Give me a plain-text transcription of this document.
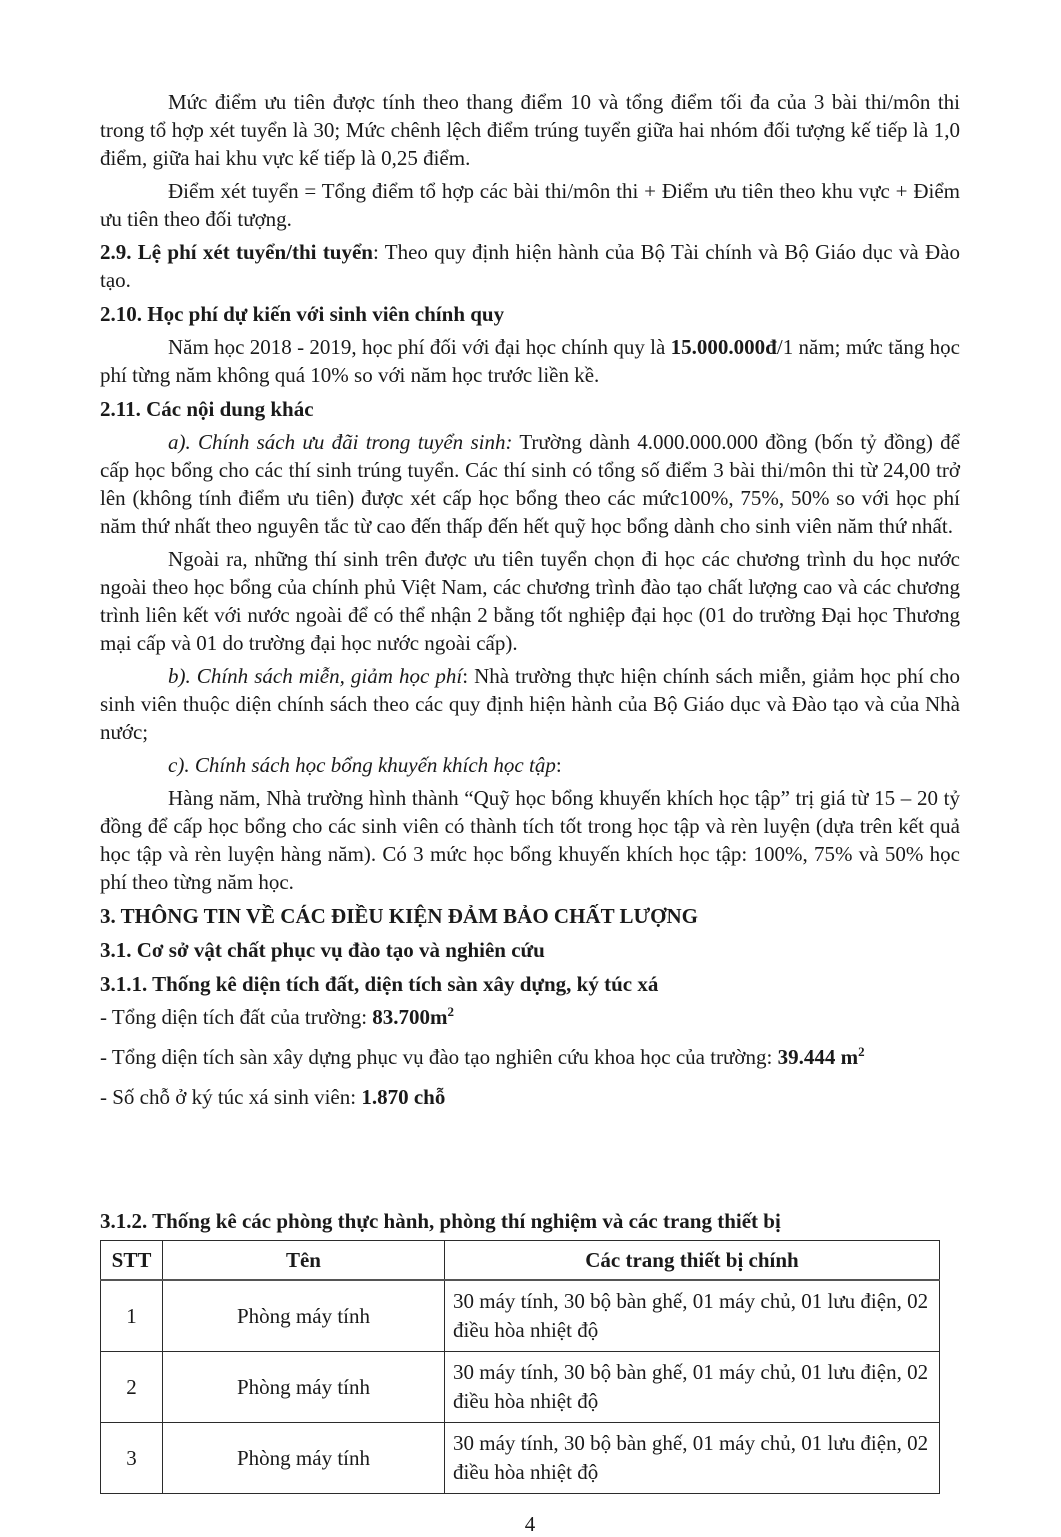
Mức điểm ưu tiên được tính theo thang điểm 10 và tổng điểm tối đa của 3 bài thi/môn thi trong tổ hợp xét tuyển là 30; Mức chênh lệch điểm trúng tuyển giữa hai nhóm đối tượng kế tiếp là 1,0 điểm, giữa hai khu vực kế tiếp là 0,25 điểm.

Điểm xét tuyển = Tổng điểm tổ hợp các bài thi/môn thi + Điểm ưu tiên theo khu vực + Điểm ưu tiên theo đối tượng.

2.9. Lệ phí xét tuyển/thi tuyển: Theo quy định hiện hành của Bộ Tài chính và Bộ Giáo dục và Đào tạo.

2.10. Học phí dự kiến với sinh viên chính quy

Năm học 2018 - 2019, học phí đối với đại học chính quy là 15.000.000đ/1 năm; mức tăng học phí từng năm không quá 10% so với năm học trước liền kề.

2.11. Các nội dung khác

a). Chính sách ưu đãi trong tuyển sinh: Trường dành 4.000.000.000 đồng (bốn tỷ đồng) để cấp học bổng cho các thí sinh trúng tuyển. Các thí sinh có tổng số điểm 3 bài thi/môn thi từ 24,00 trở lên (không tính điểm ưu tiên) được xét cấp học bổng theo các mức100%, 75%, 50% so với học phí năm thứ nhất theo nguyên tắc từ cao đến thấp đến hết quỹ học bổng dành cho sinh viên năm thứ nhất.

Ngoài ra, những thí sinh trên được ưu tiên tuyển chọn đi học các chương trình du học nước ngoài theo học bổng của chính phủ Việt Nam, các chương trình đào tạo chất lượng cao và các chương trình liên kết với nước ngoài để có thể nhận 2 bằng tốt nghiệp đại học (01 do trường Đại học Thương mại cấp và 01 do trường đại học nước ngoài cấp).

b). Chính sách miễn, giảm học phí: Nhà trường thực hiện chính sách miễn, giảm học phí cho sinh viên thuộc diện chính sách theo các quy định hiện hành của Bộ Giáo dục và Đào tạo và của Nhà nước;

c). Chính sách học bổng khuyến khích học tập:

Hàng năm, Nhà trường hình thành “Quỹ học bổng khuyến khích học tập” trị giá từ 15 – 20 tỷ đồng để cấp học bổng cho các sinh viên có thành tích tốt trong học tập và rèn luyện (dựa trên kết quả học tập và rèn luyện hàng năm). Có 3 mức học bổng khuyến khích học tập: 100%, 75% và 50% học phí theo từng năm học.

3. THÔNG TIN VỀ CÁC ĐIỀU KIỆN ĐẢM BẢO CHẤT LƯỢNG

3.1. Cơ sở vật chất phục vụ đào tạo và nghiên cứu

3.1.1. Thống kê diện tích đất, diện tích sàn xây dựng, ký túc xá

- Tổng diện tích đất của trường: $83.700m^2$

- Tổng diện tích sàn xây dựng phục vụ đào tạo nghiên cứu khoa học của trường: 39.444 $m^2$

- Số chỗ ở ký túc xá sinh viên: 1.870 chỗ

3.1.2. Thống kê các phòng thực hành, phòng thí nghiệm và các trang thiết bị

STT	Tên	Các trang thiết bị chính
1	Phòng máy tính	30 máy tính, 30 bộ bàn ghế, 01 máy chủ, 01 lưu điện, 02 điều hòa nhiệt độ
2	Phòng máy tính	30 máy tính, 30 bộ bàn ghế, 01 máy chủ, 01 lưu điện, 02 điều hòa nhiệt độ
3	Phòng máy tính	30 máy tính, 30 bộ bàn ghế, 01 máy chủ, 01 lưu điện, 02 điều hòa nhiệt độ
4
